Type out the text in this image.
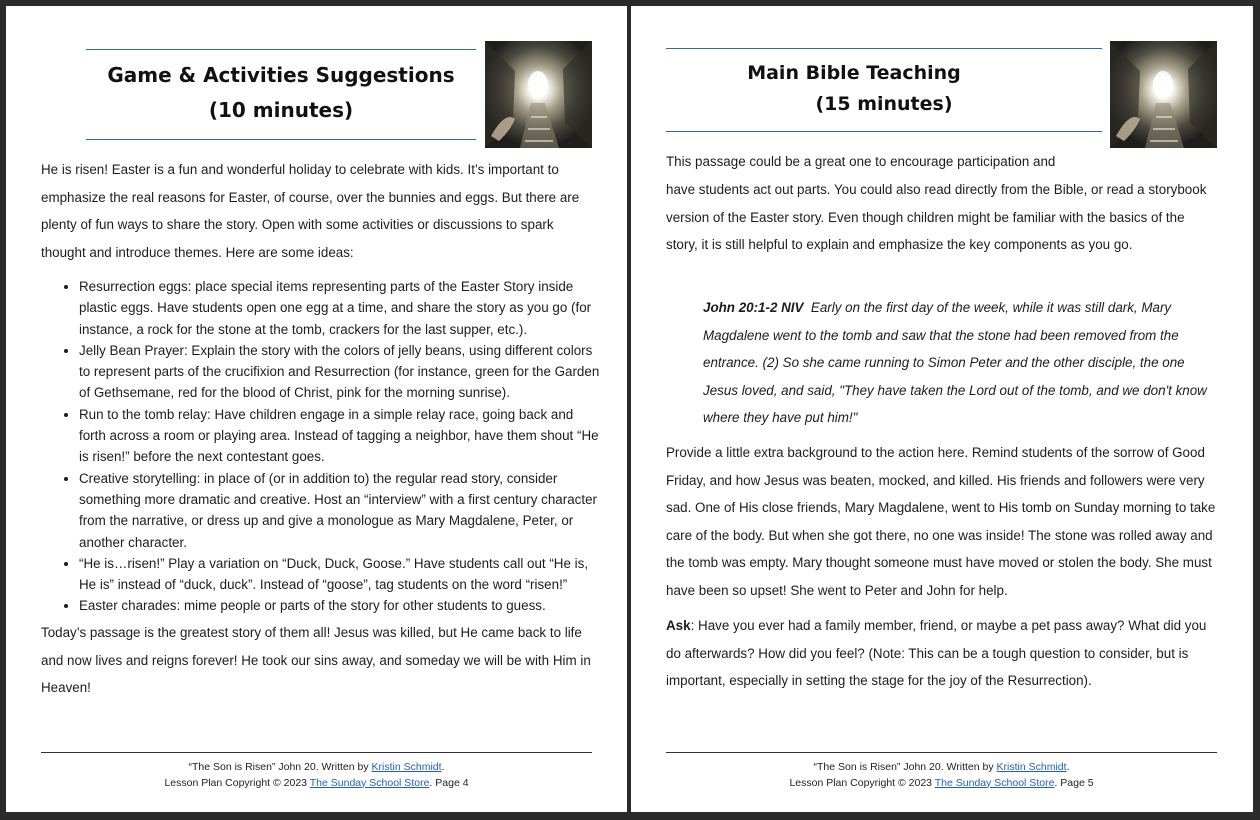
Game & Activities Suggestions
(10 minutes)
He is risen! Easter is a fun and wonderful holiday to celebrate with kids. It’s important to emphasize the real reasons for Easter, of course, over the bunnies and eggs. But there are plenty of fun ways to share the story. Open with some activities or discussions to spark thought and introduce themes. Here are some ideas:
• Resurrection eggs: place special items representing parts of the Easter Story inside plastic eggs. Have students open one egg at a time, and share the story as you go (for instance, a rock for the stone at the tomb, crackers for the last supper, etc.).
• Jelly Bean Prayer: Explain the story with the colors of jelly beans, using different colors to represent parts of the crucifixion and Resurrection (for instance, green for the Garden of Gethsemane, red for the blood of Christ, pink for the morning sunrise).
• Run to the tomb relay: Have children engage in a simple relay race, going back and forth across a room or playing area. Instead of tagging a neighbor, have them shout “He is risen!” before the next contestant goes.
• Creative storytelling: in place of (or in addition to) the regular read story, consider something more dramatic and creative. Host an “interview” with a first century character from the narrative, or dress up and give a monologue as Mary Magdalene, Peter, or another character.
• “He is…risen!” Play a variation on “Duck, Duck, Goose.” Have students call out “He is, He is” instead of “duck, duck”. Instead of “goose”, tag students on the word “risen!”
• Easter charades: mime people or parts of the story for other students to guess.
Today’s passage is the greatest story of them all! Jesus was killed, but He came back to life and now lives and reigns forever! He took our sins away, and someday we will be with Him in Heaven!
“The Son is Risen” John 20. Written by Kristin Schmidt.
Lesson Plan Copyright © 2023 The Sunday School Store. Page 4
Main Bible Teaching
(15 minutes)
This passage could be a great one to encourage participation and
have students act out parts. You could also read directly from the Bible, or read a storybook version of the Easter story. Even though children might be familiar with the basics of the story, it is still helpful to explain and emphasize the key components as you go.
John 20:1-2 NIV Early on the first day of the week, while it was still dark, Mary Magdalene went to the tomb and saw that the stone had been removed from the entrance. (2) So she came running to Simon Peter and the other disciple, the one Jesus loved, and said, "They have taken the Lord out of the tomb, and we don't know where they have put him!"
Provide a little extra background to the action here. Remind students of the sorrow of Good Friday, and how Jesus was beaten, mocked, and killed. His friends and followers were very sad. One of His close friends, Mary Magdalene, went to His tomb on Sunday morning to take care of the body. But when she got there, no one was inside! The stone was rolled away and the tomb was empty. Mary thought someone must have moved or stolen the body. She must have been so upset! She went to Peter and John for help.
Ask: Have you ever had a family member, friend, or maybe a pet pass away? What did you do afterwards? How did you feel? (Note: This can be a tough question to consider, but is important, especially in setting the stage for the joy of the Resurrection).
“The Son is Risen” John 20. Written by Kristin Schmidt.
Lesson Plan Copyright © 2023 The Sunday School Store. Page 5
